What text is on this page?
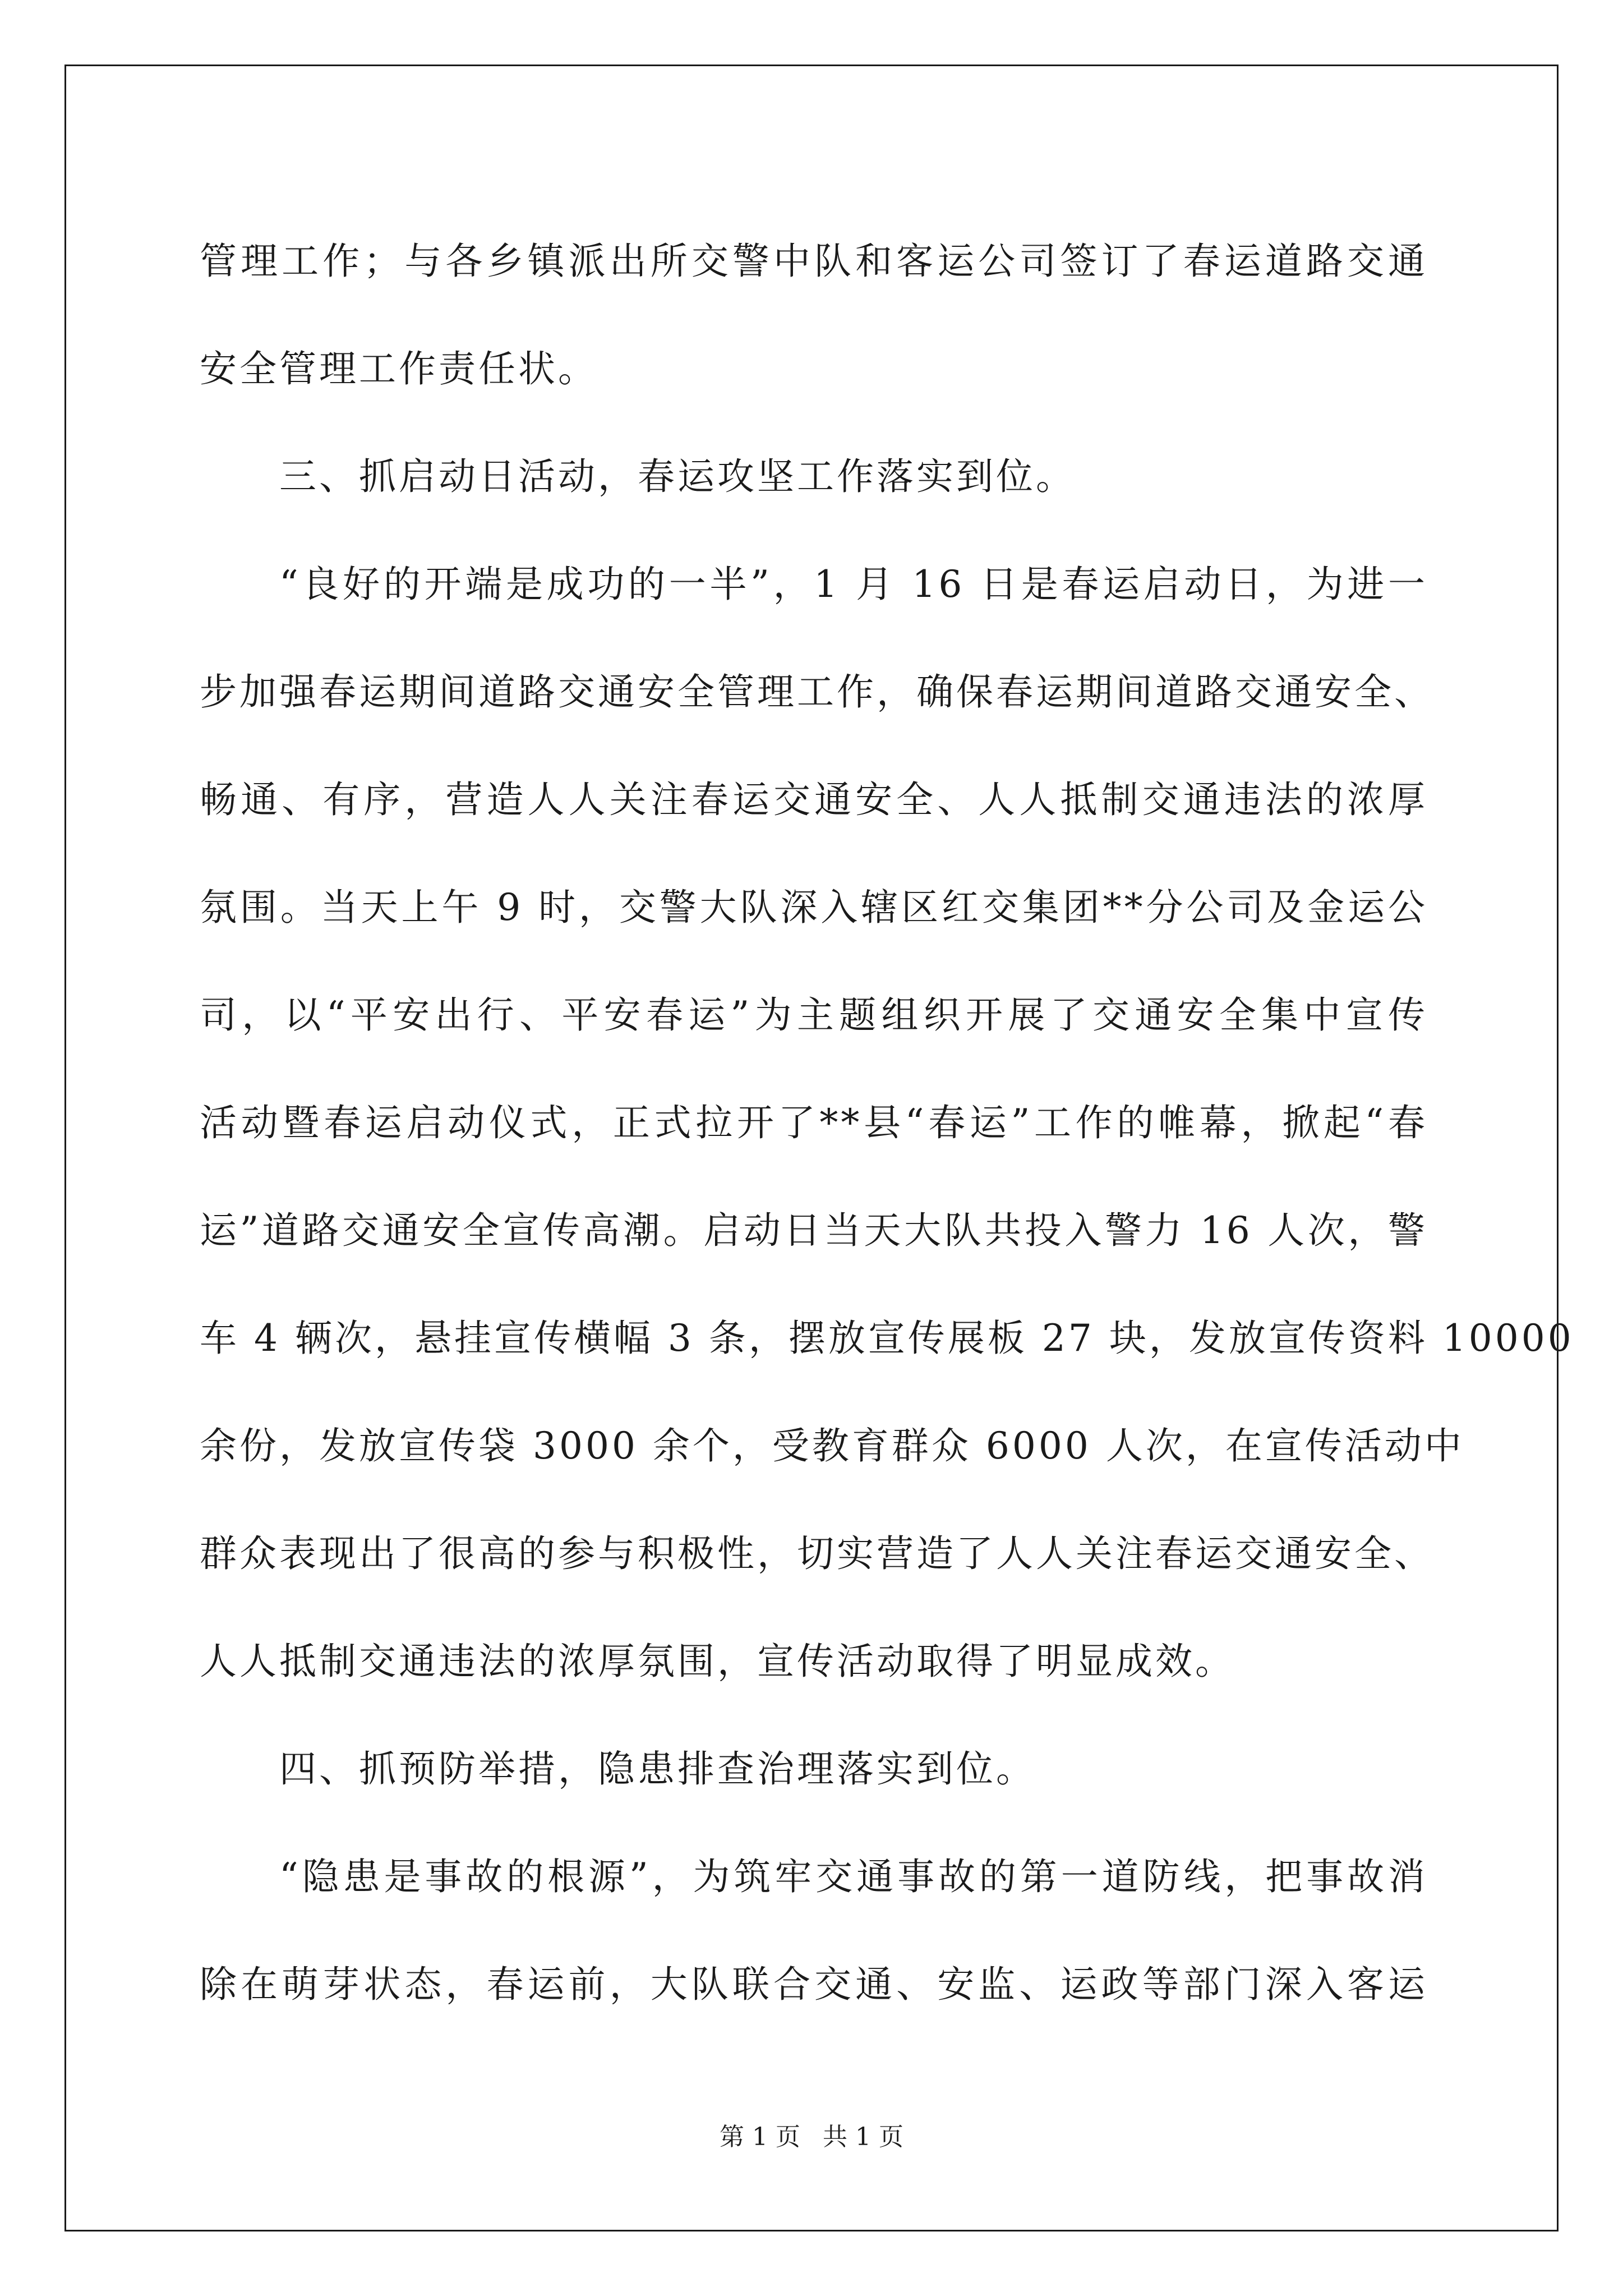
管理工作；与各乡镇派出所交警中队和客运公司签订了春运道路交通
安全管理工作责任状。
三、抓启动日活动，春运攻坚工作落实到位。
“良好的开端是成功的一半”，1 月 16 日是春运启动日，为进一
步加强春运期间道路交通安全管理工作，确保春运期间道路交通安全、
畅通、有序，营造人人关注春运交通安全、人人抵制交通违法的浓厚
氛围。当天上午 9 时，交警大队深入辖区红交集团**分公司及金运公
司，以“平安出行、平安春运”为主题组织开展了交通安全集中宣传
活动暨春运启动仪式，正式拉开了**县“春运”工作的帷幕，掀起“春
运”道路交通安全宣传高潮。启动日当天大队共投入警力 16 人次，警
车 4 辆次，悬挂宣传横幅 3 条，摆放宣传展板 27 块，发放宣传资料 10000
余份，发放宣传袋 3000 余个，受教育群众 6000 人次，在宣传活动中
群众表现出了很高的参与积极性，切实营造了人人关注春运交通安全、
人人抵制交通违法的浓厚氛围，宣传活动取得了明显成效。
四、抓预防举措，隐患排查治理落实到位。
“隐患是事故的根源”，为筑牢交通事故的第一道防线，把事故消
除在萌芽状态，春运前，大队联合交通、安监、运政等部门深入客运
第 1 页 共 1 页
